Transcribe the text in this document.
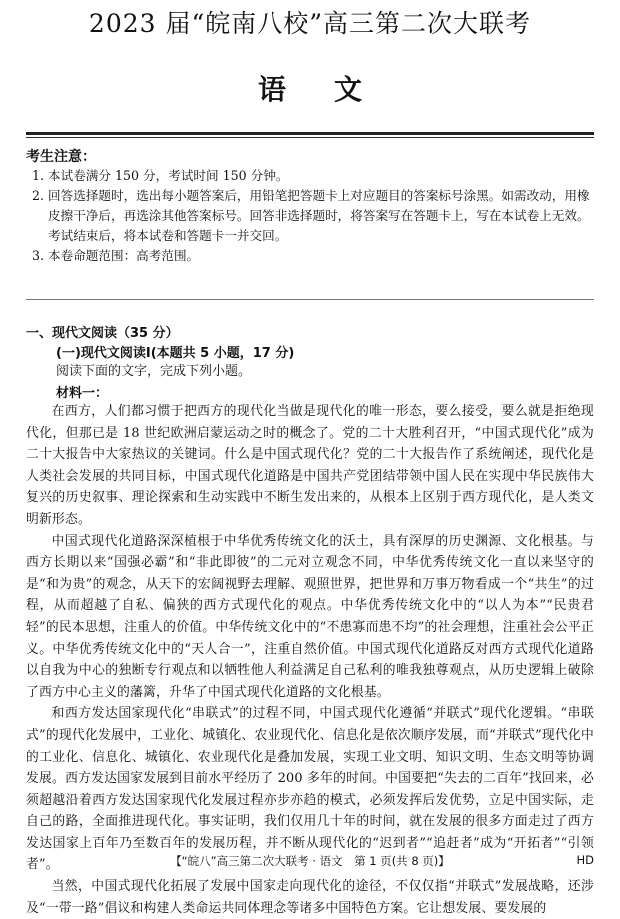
2023 届“皖南八校”高三第二次大联考
语文
考生注意：
1. 本试卷满分 150 分，考试时间 150 分钟。
2. 回答选择题时，选出每小题答案后，用铅笔把答题卡上对应题目的答案标号涂黑。如需改动，用橡皮擦干净后，再选涂其他答案标号。回答非选择题时，将答案写在答题卡上，写在本试卷上无效。考试结束后，将本试卷和答题卡一并交回。
3. 本卷命题范围：高考范围。
一、现代文阅读（35 分）
(一)现代文阅读Ⅰ(本题共 5 小题，17 分)
阅读下面的文字，完成下列小题。
材料一：

在西方，人们都习惯于把西方的现代化当做是现代化的唯一形态，要么接受，要么就是拒绝现代化，但那已是 18 世纪欧洲启蒙运动之时的概念了。党的二十大胜利召开，“中国式现代化”成为二十大报告中大家热议的关键词。什么是中国式现代化？党的二十大报告作了系统阐述，现代化是人类社会发展的共同目标，中国式现代化道路是中国共产党团结带领中国人民在实现中华民族伟大复兴的历史叙事、理论探索和生动实践中不断生发出来的，从根本上区别于西方现代化，是人类文明新形态。

中国式现代化道路深深植根于中华优秀传统文化的沃土，具有深厚的历史渊源、文化根基。与西方长期以来“国强必霸”和“非此即彼”的二元对立观念不同，中华优秀传统文化一直以来坚守的是“和为贵”的观念，从天下的宏阔视野去理解、观照世界，把世界和万事万物看成一个“共生”的过程，从而超越了自私、偏狭的西方式现代化的观点。中华优秀传统文化中的“以人为本”“民贵君轻”的民本思想，注重人的价值。中华传统文化中的“不患寡而患不均”的社会理想，注重社会公平正义。中华优秀传统文化中的“天人合一”，注重自然价值。中国式现代化道路反对西方式现代化道路以自我为中心的独断专行观点和以牺牲他人利益满足自己私利的唯我独尊观点，从历史逻辑上破除了西方中心主义的藩篱，升华了中国式现代化道路的文化根基。

和西方发达国家现代化“串联式”的过程不同，中国式现代化遵循“并联式”现代化逻辑。“串联式”的现代化发展中，工业化、城镇化、农业现代化、信息化是依次顺序发展，而“并联式”现代化中的工业化、信息化、城镇化、农业现代化是叠加发展，实现工业文明、知识文明、生态文明等协调发展。西方发达国家发展到目前水平经历了 200 多年的时间。中国要把“失去的二百年”找回来，必须超越沿着西方发达国家现代化发展过程亦步亦趋的模式，必须发挥后发优势，立足中国实际，走自己的路，全面推进现代化。事实证明，我们仅用几十年的时间，就在发展的很多方面走过了西方发达国家上百年乃至数百年的发展历程，并不断从现代化的“迟到者”“追赶者”成为“开拓者”“引领者”。

当然，中国式现代化拓展了发展中国家走向现代化的途径，不仅仅指“并联式”发展战略，还涉及“一带一路”倡议和构建人类命运共同体理念等诸多中国特色方案。它让想发展、要发展的

【“皖八”高三第二次大联考 · 语文　第 1 页(共 8 页)】	HD
